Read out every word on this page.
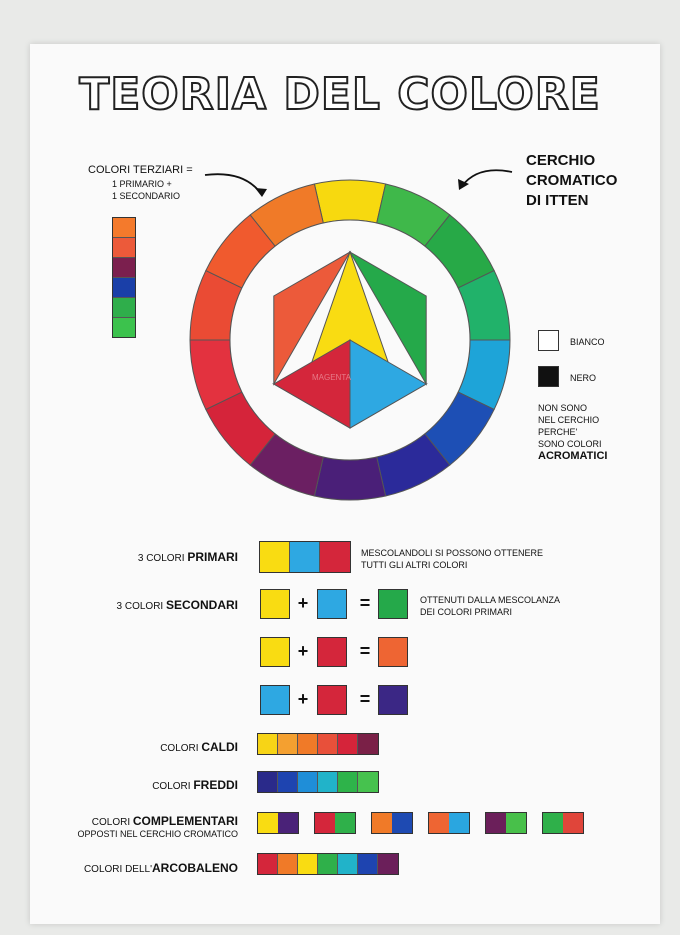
TEORIA DEL COLORE
COLORI TERZIARI =
1 PRIMARIO +
1 SECONDARIO
CERCHIO
CROMATICO
DI ITTEN
MAGENTA
BIANCO
NERO
NON SONO
NEL CERCHIO
PERCHE'
SONO COLORI
ACROMATICI
3 COLORI PRIMARI	MESCOLANDOLI SI POSSONO OTTENERE
TUTTI GLI ALTRI COLORI
3 COLORI SECONDARI	OTTENUTI DALLA MESCOLANZA
DEI COLORI PRIMARI
+	=
+	=
+	=
COLORI CALDI
COLORI FREDDI
COLORI COMPLEMENTARI
OPPOSTI NEL CERCHIO CROMATICO
COLORI DELL'ARCOBALENO
